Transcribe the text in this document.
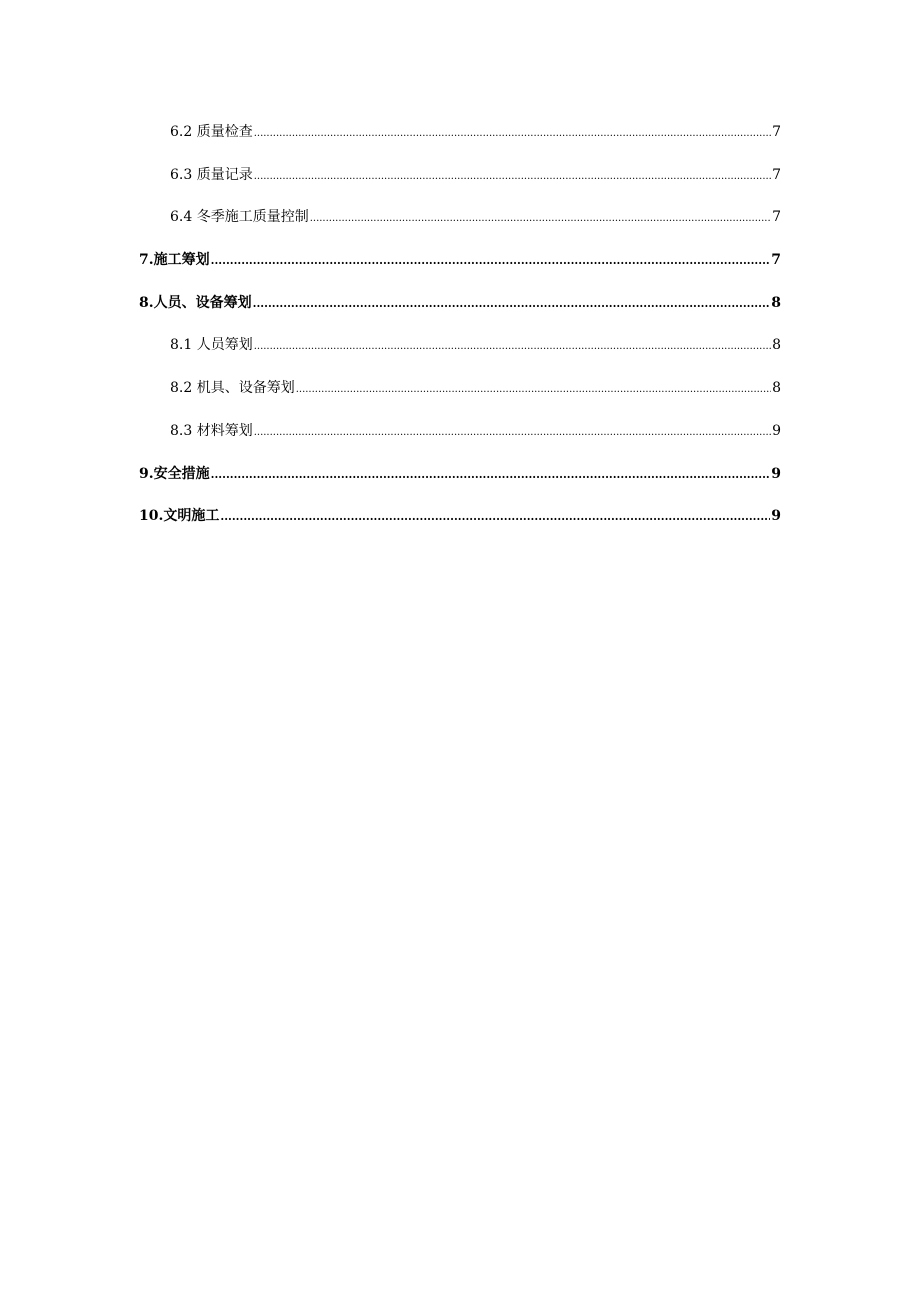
6.2 质量检查 .....	7
6.3 质量记录 .....	7
6.4 冬季施工质量控制 .....	7
7.施工筹划 .....	7
8.人员、设备筹划 .....	8
8.1 人员筹划 .....	8
8.2 机具、设备筹划 .....	8
8.3 材料筹划 .....	9
9.安全措施 .....	9
10.文明施工 .....	9
